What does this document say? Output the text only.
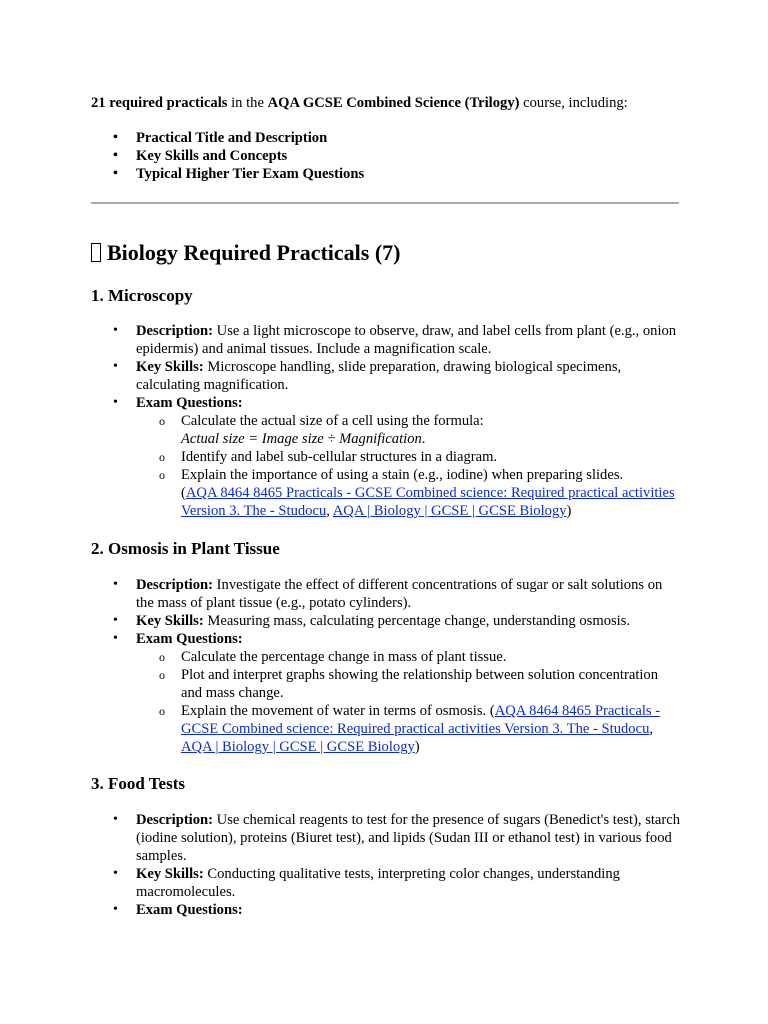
21 required practicals in the AQA GCSE Combined Science (Trilogy) course, including:

• Practical Title and Description
• Key Skills and Concepts
• Typical Higher Tier Exam Questions
Biology Required Practicals (7)
1. Microscopy
• Description: Use a light microscope to observe, draw, and label cells from plant (e.g., onion epidermis) and animal tissues. Include a magnification scale.
• Key Skills: Microscope handling, slide preparation, drawing biological specimens, calculating magnification.
• Exam Questions:
o Calculate the actual size of a cell using the formula:
Actual size = Image size ÷ Magnification.
o Identify and label sub-cellular structures in a diagram.
o Explain the importance of using a stain (e.g., iodine) when preparing slides.
(AQA 8464 8465 Practicals - GCSE Combined science: Required practical activities Version 3. The - Studocu, AQA | Biology | GCSE | GCSE Biology)
2. Osmosis in Plant Tissue
• Description: Investigate the effect of different concentrations of sugar or salt solutions on the mass of plant tissue (e.g., potato cylinders).
• Key Skills: Measuring mass, calculating percentage change, understanding osmosis.
• Exam Questions:
o Calculate the percentage change in mass of plant tissue.
o Plot and interpret graphs showing the relationship between solution concentration and mass change.
o Explain the movement of water in terms of osmosis. (AQA 8464 8465 Practicals - GCSE Combined science: Required practical activities Version 3. The - Studocu, AQA | Biology | GCSE | GCSE Biology)
3. Food Tests
• Description: Use chemical reagents to test for the presence of sugars (Benedict's test), starch (iodine solution), proteins (Biuret test), and lipids (Sudan III or ethanol test) in various food samples.
• Key Skills: Conducting qualitative tests, interpreting color changes, understanding macromolecules.
• Exam Questions:
